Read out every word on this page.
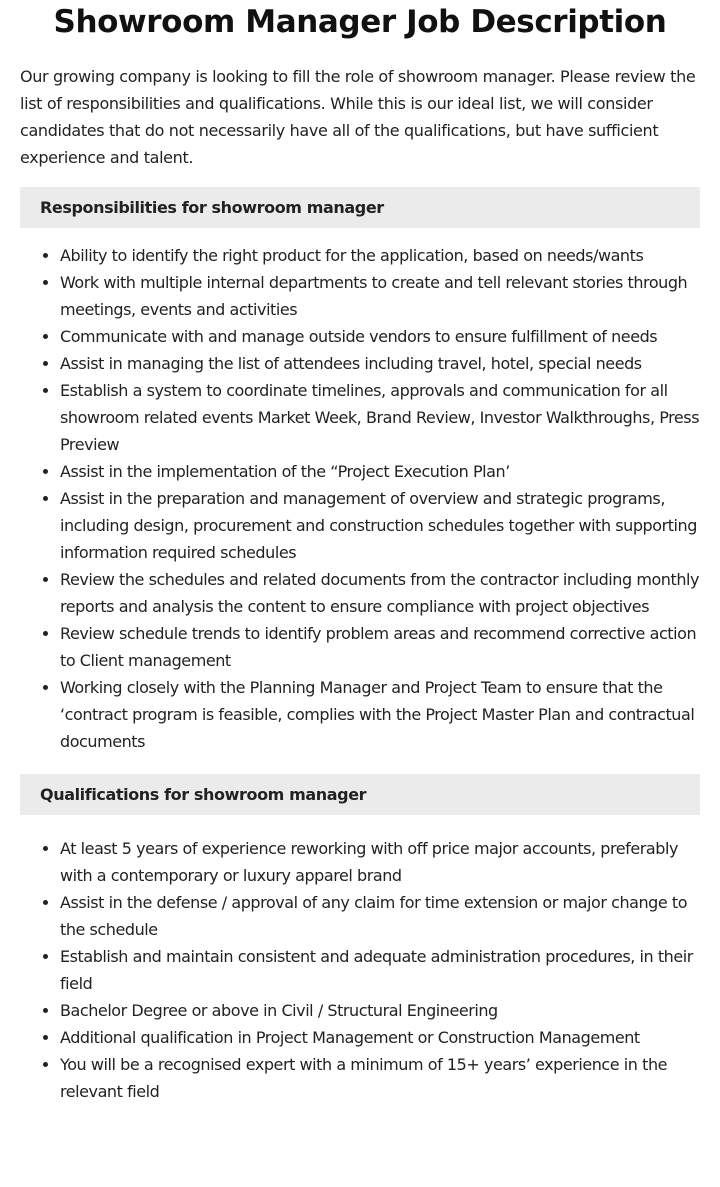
Showroom Manager Job Description

Our growing company is looking to fill the role of showroom manager. Please review the list of responsibilities and qualifications. While this is our ideal list, we will consider candidates that do not necessarily have all of the qualifications, but have sufficient experience and talent.

Responsibilities for showroom manager
Ability to identify the right product for the application, based on needs/wants
Work with multiple internal departments to create and tell relevant stories through meetings, events and activities
Communicate with and manage outside vendors to ensure fulfillment of needs
Assist in managing the list of attendees including travel, hotel, special needs
Establish a system to coordinate timelines, approvals and communication for all showroom related events Market Week, Brand Review, Investor Walkthroughs, Press Preview
Assist in the implementation of the “Project Execution Plan’
Assist in the preparation and management of overview and strategic programs, including design, procurement and construction schedules together with supporting information required schedules
Review the schedules and related documents from the contractor including monthly reports and analysis the content to ensure compliance with project objectives
Review schedule trends to identify problem areas and recommend corrective action to Client management
Working closely with the Planning Manager and Project Team to ensure that the ‘contract program is feasible, complies with the Project Master Plan and contractual documents
Qualifications for showroom manager
At least 5 years of experience reworking with off price major accounts, preferably with a contemporary or luxury apparel brand
Assist in the defense / approval of any claim for time extension or major change to the schedule
Establish and maintain consistent and adequate administration procedures, in their field
Bachelor Degree or above in Civil / Structural Engineering
Additional qualification in Project Management or Construction Management
You will be a recognised expert with a minimum of 15+ years’ experience in the relevant field
